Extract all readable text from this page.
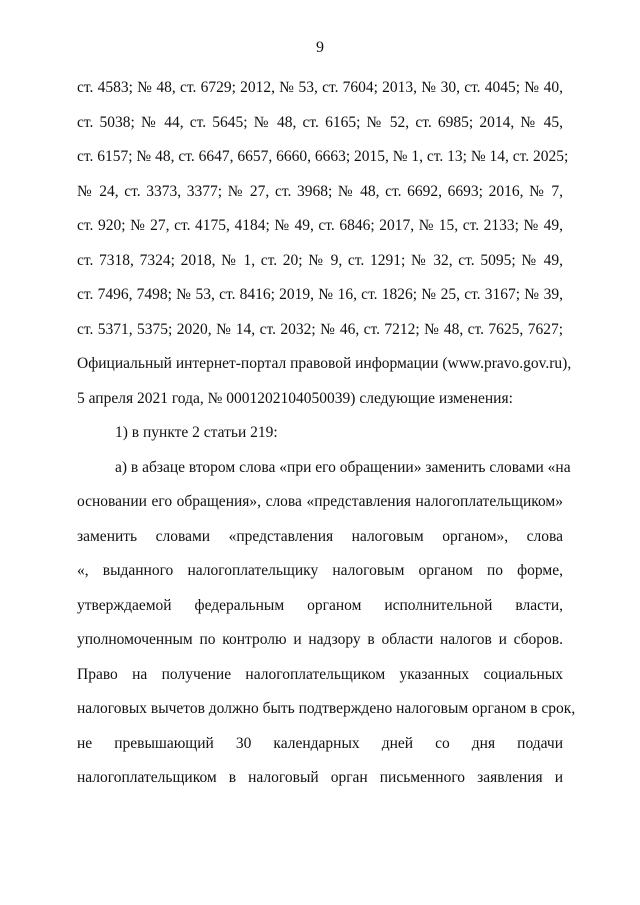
9
ст. 4583; № 48, ст. 6729; 2012, № 53, ст. 7604; 2013, № 30, ст. 4045; № 40,
ст. 5038; № 44, ст. 5645; № 48, ст. 6165; № 52, ст. 6985; 2014, № 45,
ст. 6157; № 48, ст. 6647, 6657, 6660, 6663; 2015, № 1, ст. 13; № 14, ст. 2025;
№ 24, ст. 3373, 3377; № 27, ст. 3968; № 48, ст. 6692, 6693; 2016, № 7,
ст. 920; № 27, ст. 4175, 4184; № 49, ст. 6846; 2017, № 15, ст. 2133; № 49,
ст. 7318, 7324; 2018, № 1, ст. 20; № 9, ст. 1291; № 32, ст. 5095; № 49,
ст. 7496, 7498; № 53, ст. 8416; 2019, № 16, ст. 1826; № 25, ст. 3167; № 39,
ст. 5371, 5375; 2020, № 14, ст. 2032; № 46, ст. 7212; № 48, ст. 7625, 7627;
Официальный интернет-портал правовой информации (www.pravo.gov.ru),
5 апреля 2021 года, № 0001202104050039) следующие изменения:
1) в пункте 2 статьи 219:
а) в абзаце втором слова «при его обращении» заменить словами «на
основании его обращения», слова «представления налогоплательщиком»
заменить словами «представления налоговым органом», слова
«, выданного налогоплательщику налоговым органом по форме,
утверждаемой федеральным органом исполнительной власти,
уполномоченным по контролю и надзору в области налогов и сборов.
Право на получение налогоплательщиком указанных социальных
налоговых вычетов должно быть подтверждено налоговым органом в срок,
не превышающий 30 календарных дней со дня подачи
налогоплательщиком в налоговый орган письменного заявления и
